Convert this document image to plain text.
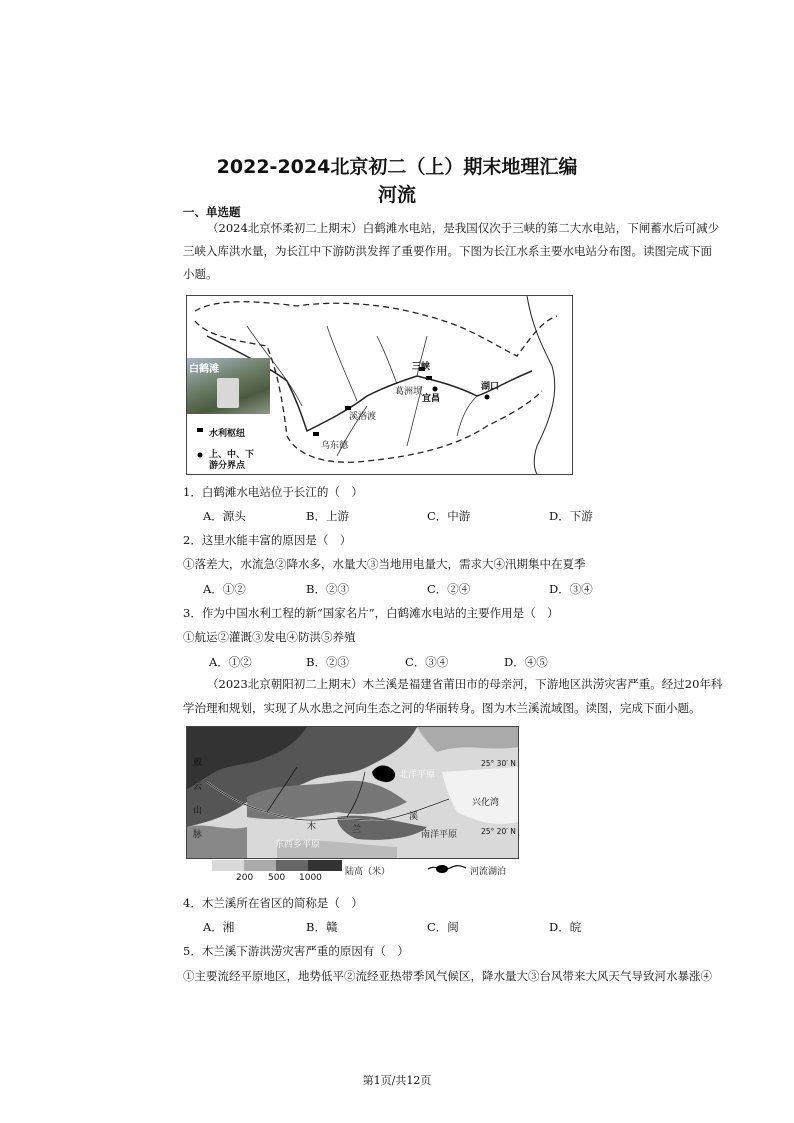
2022-2024北京初二（上）期末地理汇编
河流
一、单选题
（2024北京怀柔初二上期末）白鹤滩水电站，是我国仅次于三峡的第二大水电站，下闸蓄水后可减少
三峡入库洪水量，为长江中下游防洪发挥了重要作用。下图为长江水系主要水电站分布图。读图完成下面
小题。
白鹤滩	三峡
葛洲坝
宜昌
湖口
溪洛渡
乌东德
水利枢纽
上、中、下
游分界点
1．白鹤滩水电站位于长江的（　）
A．源头	B．上游	C．中游	D．下游
2．这里水能丰富的原因是（　）
①落差大，水流急②降水多，水量大③当地用电量大，需求大④汛期集中在夏季
A．①②	B．②③	C．②④	D．③④
3．作为中国水利工程的新“国家名片”，白鹤滩水电站的主要作用是（　）
①航运②灌溉③发电④防洪⑤养殖
A．①②	B．②③	C．③④	D．④⑤
（2023北京朝阳初二上期末）木兰溪是福建省莆田市的母亲河，下游地区洪涝灾害严重。经过20年科
学治理和规划，实现了从水患之河向生态之河的华丽转身。图为木兰溪流域图。读图，完成下面小题。
戴
云
山
脉
木	兰
溪
北洋平原
兴化湾
南洋平原
东西乡平原
25° 30′ N
25° 20′ N
200 500 1000
陆高（米）	河流湖泊
4．木兰溪所在省区的简称是（　）
A．湘	B．赣	C．闽	D．皖
5．木兰溪下游洪涝灾害严重的原因有（　）
①主要流经平原地区，地势低平②流经亚热带季风气候区，降水量大③台风带来大风天气导致河水暴涨④
第1页/共12页
